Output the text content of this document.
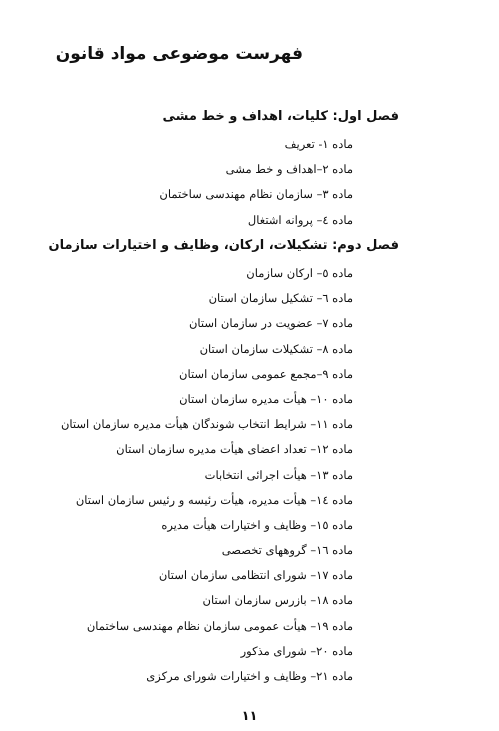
فهرست موضوعی مواد قانون
فصل اول: کلیات، اهداف و خط مشی
ماده ۱- تعریف
ماده ۲–اهداف و خط مشی
ماده ۳– سازمان نظام مهندسی ساختمان
ماده ٤– پروانه اشتغال
فصل دوم: تشکیلات، ارکان، وظایف و اختیارات سازمان
ماده ٥– ارکان سازمان
ماده ٦– تشکیل سازمان استان
ماده ۷– عضویت در سازمان استان
ماده ۸– تشکیلات سازمان استان
ماده ۹–مجمع عمومی سازمان استان
ماده ۱۰– هیأت مدیره سازمان استان
ماده ۱۱– شرایط انتخاب شوندگان هیأت مدیره سازمان استان
ماده ۱۲– تعداد اعضای هیأت مدیره سازمان استان
ماده ۱۳– هیأت اجرائی انتخابات
ماده ۱٤– هیأت مدیره، هیأت رئیسه و رئیس سازمان استان
ماده ۱٥– وظایف و اختیارات هیأت مدیره
ماده ۱٦– گروههای تخصصی
ماده ۱۷– شورای انتظامی سازمان استان
ماده ۱۸– بازرس سازمان استان
ماده ۱۹– هیأت عمومی سازمان نظام مهندسی ساختمان
ماده ۲۰– شورای مذکور
ماده ۲۱– وظایف و اختیارات شورای مرکزی
۱۱
